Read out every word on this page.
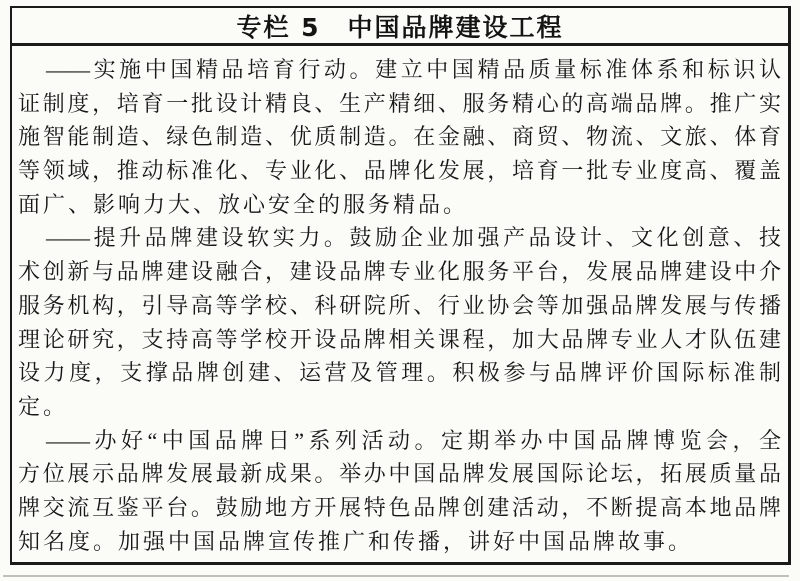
专栏 5　中国品牌建设工程
——实施中国精品培育行动。建立中国精品质量标准体系和标识认
证制度，培育一批设计精良、生产精细、服务精心的高端品牌。推广实
施智能制造、绿色制造、优质制造。在金融、商贸、物流、文旅、体育
等领域，推动标准化、专业化、品牌化发展，培育一批专业度高、覆盖
面广、影响力大、放心安全的服务精品。
——提升品牌建设软实力。鼓励企业加强产品设计、文化创意、技
术创新与品牌建设融合，建设品牌专业化服务平台，发展品牌建设中介
服务机构，引导高等学校、科研院所、行业协会等加强品牌发展与传播
理论研究，支持高等学校开设品牌相关课程，加大品牌专业人才队伍建
设力度，支撑品牌创建、运营及管理。积极参与品牌评价国际标准制
定。
——办好“中国品牌日”系列活动。定期举办中国品牌博览会，全
方位展示品牌发展最新成果。举办中国品牌发展国际论坛，拓展质量品
牌交流互鉴平台。鼓励地方开展特色品牌创建活动，不断提高本地品牌
知名度。加强中国品牌宣传推广和传播，讲好中国品牌故事。
